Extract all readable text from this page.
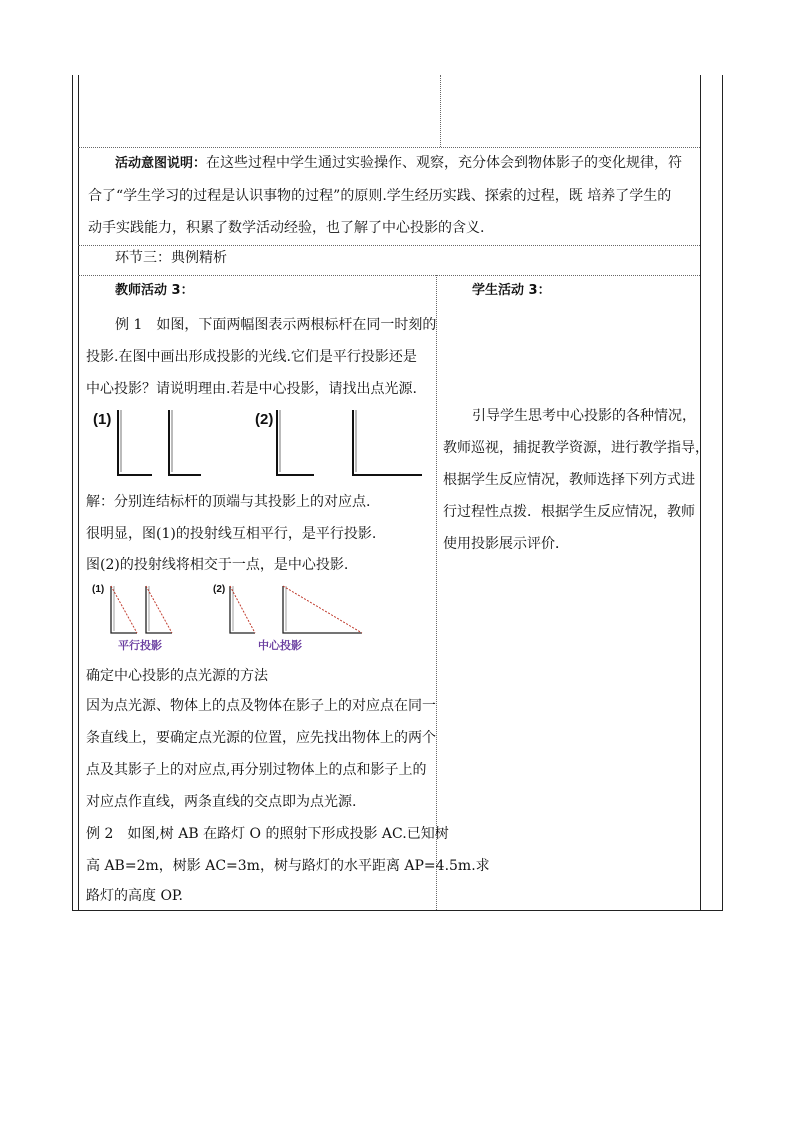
活动意图说明：在这些过程中学生通过实验操作、观察，充分体会到物体影子的变化规律，符
合了“学生学习的过程是认识事物的过程”的原则.学生经历实践、探索的过程，既 培养了学生的
动手实践能力，积累了数学活动经验，也了解了中心投影的含义.
环节三：典例精析
教师活动 3：
例 1　如图，下面两幅图表示两根标杆在同一时刻的
投影.在图中画出形成投影的光线.它们是平行投影还是
中心投影？请说明理由.若是中心投影，请找出点光源.
(1)	(2)
解：分别连结标杆的顶端与其投影上的对应点.
很明显，图(1)的投射线互相平行，是平行投影.
图(2)的投射线将相交于一点，是中心投影.
(1)	(2)
平行投影	中心投影
确定中心投影的点光源的方法
因为点光源、物体上的点及物体在影子上的对应点在同一
条直线上，要确定点光源的位置，应先找出物体上的两个
点及其影子上的对应点,再分别过物体上的点和影子上的
对应点作直线，两条直线的交点即为点光源.
例 2　如图,树 AB 在路灯 O 的照射下形成投影 AC.已知树
高 AB=2m，树影 AC=3m，树与路灯的水平距离 AP=4.5m.求
路灯的高度 OP.
学生活动 3：
引导学生思考中心投影的各种情况，
教师巡视，捕捉教学资源，进行教学指导，
根据学生反应情况，教师选择下列方式进
行过程性点拨．根据学生反应情况，教师
使用投影展示评价．
